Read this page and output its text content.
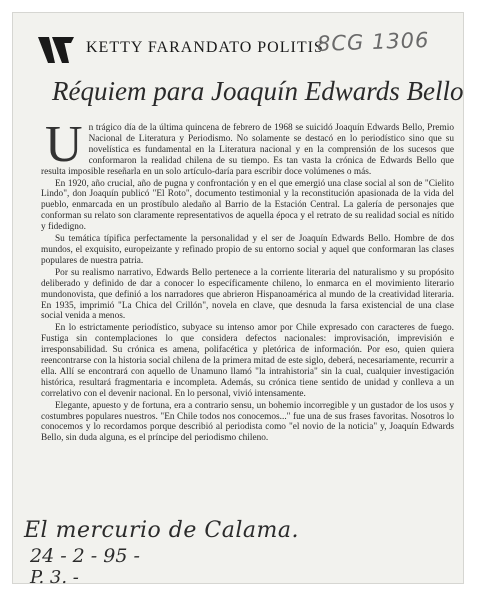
KETTY FARANDATO POLITIS
8CG 1306
Réquiem para Joaquín Edwards Bello

Un trágico día de la última quincena de febrero de 1968 se suicidó Joaquín Edwards Bello, Premio Nacional de Literatura y Periodismo. No solamente se destacó en lo periodístico sino que su novelística es fundamental en la Literatura nacional y en la comprensión de los sucesos que conformaron la realidad chilena de su tiempo. Es tan vasta la crónica de Edwards Bello que resulta imposible reseñarla en un solo artículo-daría para escribir doce volúmenes o más.

En 1920, año crucial, año de pugna y confrontación y en el que emergió una clase social al son de "Cielito Lindo", don Joaquín publicó "El Roto", documento testimonial y la reconstitución apasionada de la vida del pueblo, enmarcada en un prostíbulo aledaño al Barrio de la Estación Central. La galería de personajes que conforman su relato son claramente representativos de aquella época y el retrato de su realidad social es nítido y fidedigno.

Su temática típifica perfectamente la personalidad y el ser de Joaquín Edwards Bello. Hombre de dos mundos, el exquisito, europeizante y refinado propio de su entorno social y aquel que conformaran las clases populares de nuestra patria.

Por su realismo narrativo, Edwards Bello pertenece a la corriente literaria del naturalismo y su propósito deliberado y definido de dar a conocer lo específicamente chileno, lo enmarca en el movimiento literario mundonovista, que definió a los narradores que abrieron Hispanoamérica al mundo de la creatividad literaria. En 1935, imprimió "La Chica del Crillón", novela en clave, que desnuda la farsa existencial de una clase social venida a menos.

En lo estrictamente periodístico, subyace su intenso amor por Chile expresado con caracteres de fuego. Fustiga sin contemplaciones lo que considera defectos nacionales: improvisación, imprevisión e irresponsabilidad. Su crónica es amena, polifacética y pletórica de información. Por eso, quien quiera reencontrarse con la historia social chilena de la primera mitad de este siglo, deberá, necesariamente, recurrir a ella. Allí se encontrará con aquello de Unamuno llamó "la intrahistoria" sin la cual, cualquier investigación histórica, resultará fragmentaria e incompleta. Además, su crónica tiene sentido de unidad y conlleva a un correlativo con el devenir nacional. En lo personal, vivió intensamente.

Elegante, apuesto y de fortuna, era a contrario sensu, un bohemio incorregible y un gustador de los usos y costumbres populares nuestros. "En Chile todos nos conocemos..." fue una de sus frases favoritas. Nosotros lo conocemos y lo recordamos porque describió al periodista como "el novio de la noticia" y, Joaquín Edwards Bello, sin duda alguna, es el príncipe del periodismo chileno.

El mercurio de Calama.
24 - 2 - 95 -
P. 3. -
